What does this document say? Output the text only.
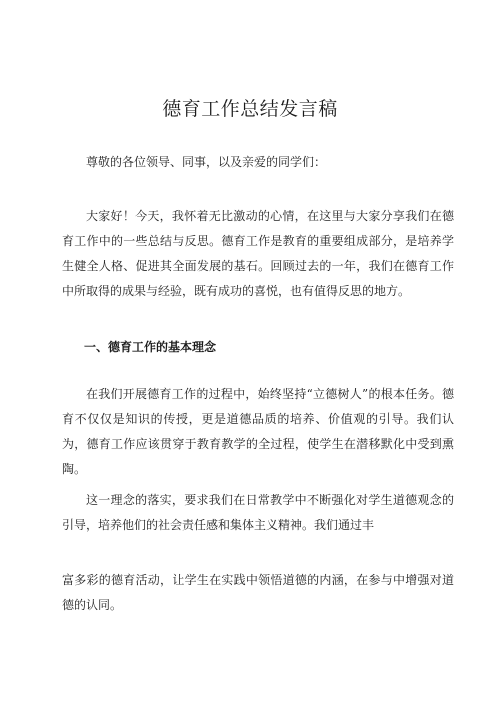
德育工作总结发言稿

尊敬的各位领导、同事，以及亲爱的同学们：

大家好！今天，我怀着无比激动的心情，在这里与大家分享我们在德育工作中的一些总结与反思。德育工作是教育的重要组成部分，是培养学生健全人格、促进其全面发展的基石。回顾过去的一年，我们在德育工作中所取得的成果与经验，既有成功的喜悦，也有值得反思的地方。

一、德育工作的基本理念

在我们开展德育工作的过程中，始终坚持“立德树人”的根本任务。德育不仅仅是知识的传授，更是道德品质的培养、价值观的引导。我们认为，德育工作应该贯穿于教育教学的全过程，使学生在潜移默化中受到熏陶。

这一理念的落实，要求我们在日常教学中不断强化对学生道德观念的引导，培养他们的社会责任感和集体主义精神。我们通过丰

富多彩的德育活动，让学生在实践中领悟道德的内涵，在参与中增强对道德的认同。
